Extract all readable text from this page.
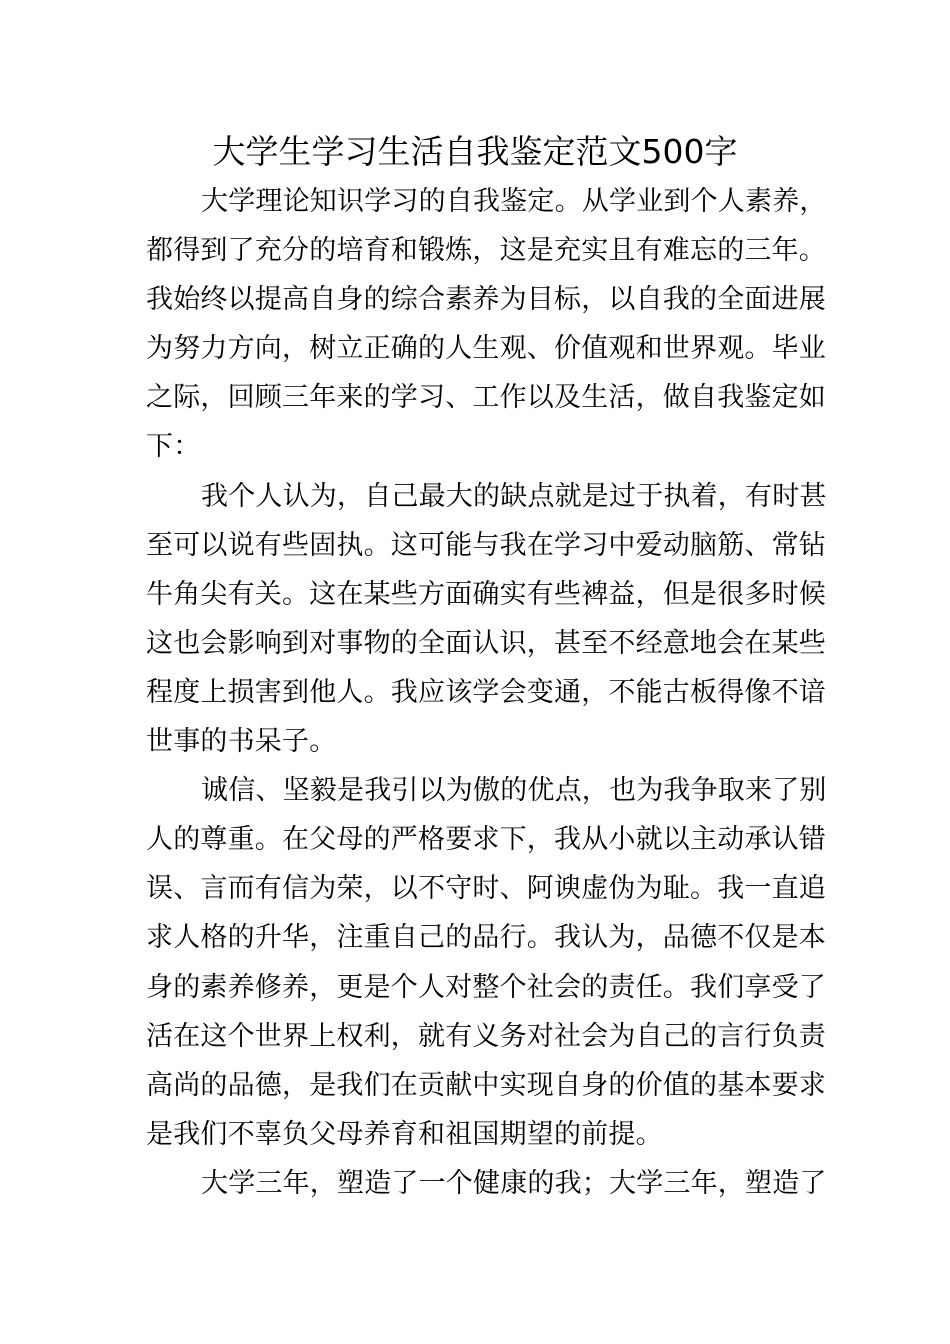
大学生学习生活自我鉴定范文500字
大学理论知识学习的自我鉴定。从学业到个人素养，
都得到了充分的培育和锻炼，这是充实且有难忘的三年。
我始终以提高自身的综合素养为目标，以自我的全面进展
为努力方向，树立正确的人生观、价值观和世界观。毕业
之际，回顾三年来的学习、工作以及生活，做自我鉴定如
下：
我个人认为，自己最大的缺点就是过于执着，有时甚
至可以说有些固执。这可能与我在学习中爱动脑筋、常钻
牛角尖有关。这在某些方面确实有些裨益，但是很多时候
这也会影响到对事物的全面认识，甚至不经意地会在某些
程度上损害到他人。我应该学会变通，不能古板得像不谙
世事的书呆子。
诚信、坚毅是我引以为傲的优点，也为我争取来了别
人的尊重。在父母的严格要求下，我从小就以主动承认错
误、言而有信为荣，以不守时、阿谀虚伪为耻。我一直追
求人格的升华，注重自己的品行。我认为，品德不仅是本
身的素养修养，更是个人对整个社会的责任。我们享受了
活在这个世界上权利，就有义务对社会为自己的言行负责
高尚的品德，是我们在贡献中实现自身的价值的基本要求
是我们不辜负父母养育和祖国期望的前提。
大学三年，塑造了一个健康的我；大学三年，塑造了
